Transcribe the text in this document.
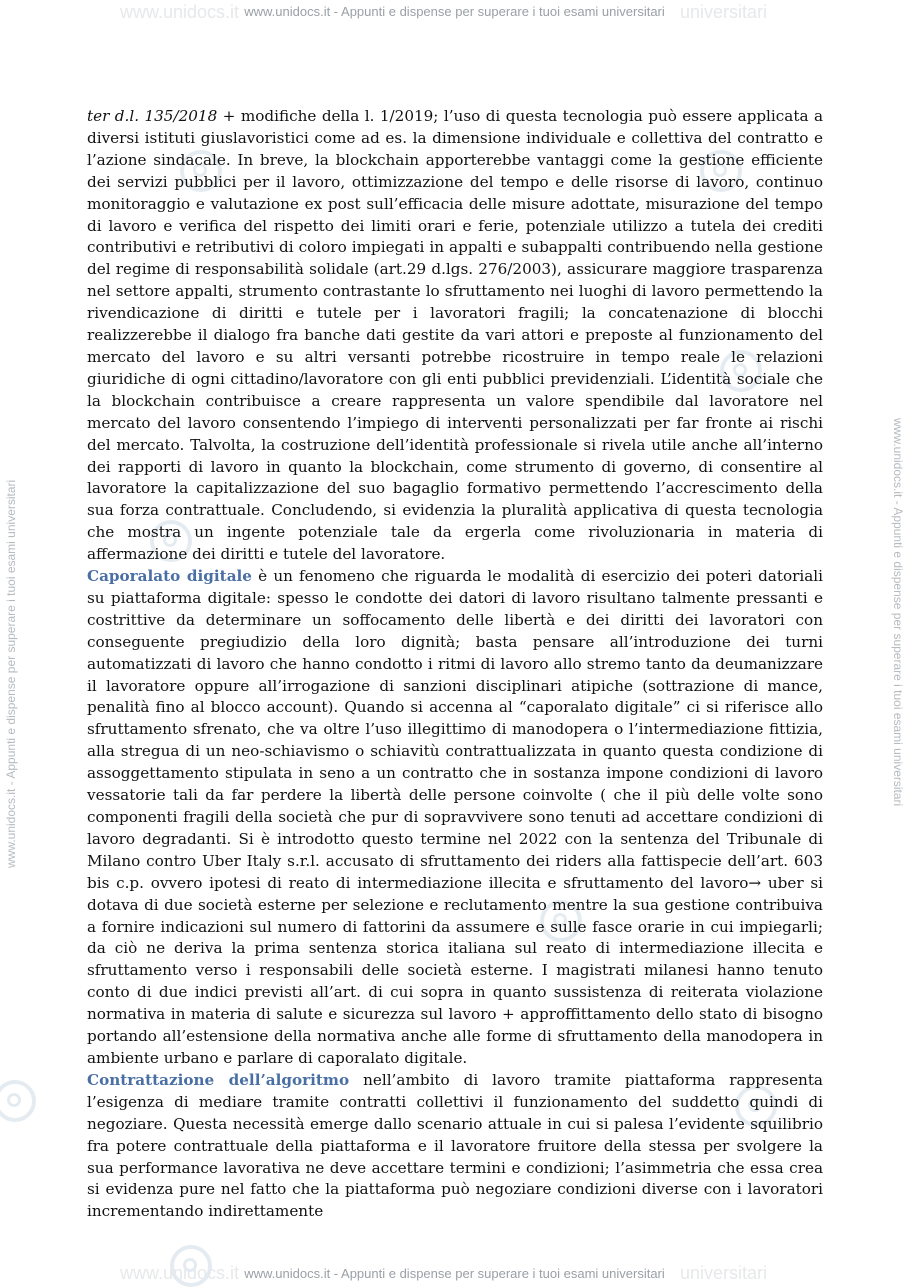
www.unidocs.it	universitari
www.unidocs.it	universitari
www.unidocs.it - Appunti e dispense per superare i tuoi esami universitari
www.unidocs.it - Appunti e dispense per superare i tuoi esami universitari
www.unidocs.it - Appunti e dispense per superare i tuoi esami universitari	www.unidocs.it - Appunti e dispense per superare i tuoi esami universitari

ter d.l. 135/2018 + modifiche della l. 1/2019; l’uso di questa tecnologia può essere applicata a diversi istituti giuslavoristici come ad es. la dimensione individuale e collettiva del contratto e l’azione sindacale. In breve, la blockchain apporterebbe vantaggi come la gestione efficiente dei servizi pubblici per il lavoro, ottimizzazione del tempo e delle risorse di lavoro, continuo monitoraggio e valutazione ex post sull’efficacia delle misure adottate, misurazione del tempo di lavoro e verifica del rispetto dei limiti orari e ferie, potenziale utilizzo a tutela dei crediti contributivi e retributivi di coloro impiegati in appalti e subappalti contribuendo nella gestione del regime di responsabilità solidale (art.29 d.lgs. 276/2003), assicurare maggiore trasparenza nel settore appalti, strumento contrastante lo sfruttamento nei luoghi di lavoro permettendo la rivendicazione di diritti e tutele per i lavoratori fragili; la concatenazione di blocchi realizzerebbe il dialogo fra banche dati gestite da vari attori e preposte al funzionamento del mercato del lavoro e su altri versanti potrebbe ricostruire in tempo reale le relazioni giuridiche di ogni cittadino/lavoratore con gli enti pubblici previdenziali. L’identità sociale che la blockchain contribuisce a creare rappresenta un valore spendibile dal lavoratore nel mercato del lavoro consentendo l’impiego di interventi personalizzati per far fronte ai rischi del mercato. Talvolta, la costruzione dell’identità professionale si rivela utile anche all’interno dei rapporti di lavoro in quanto la blockchain, come strumento di governo, di consentire al lavoratore la capitalizzazione del suo bagaglio formativo permettendo l’accrescimento della sua forza contrattuale. Concludendo, si evidenzia la pluralità applicativa di questa tecnologia che mostra un ingente potenziale tale da ergerla come rivoluzionaria in materia di affermazione dei diritti e tutele del lavoratore.

Caporalato digitale è un fenomeno che riguarda le modalità di esercizio dei poteri datoriali su piattaforma digitale: spesso le condotte dei datori di lavoro risultano talmente pressanti e costrittive da determinare un soffocamento delle libertà e dei diritti dei lavoratori con conseguente pregiudizio della loro dignità; basta pensare all’introduzione dei turni automatizzati di lavoro che hanno condotto i ritmi di lavoro allo stremo tanto da deumanizzare il lavoratore oppure all’irrogazione di sanzioni disciplinari atipiche (sottrazione di mance, penalità fino al blocco account). Quando si accenna al “caporalato digitale” ci si riferisce allo sfruttamento sfrenato, che va oltre l’uso illegittimo di manodopera o l’intermediazione fittizia, alla stregua di un neo-schiavismo o schiavitù contrattualizzata in quanto questa condizione di assoggettamento stipulata in seno a un contratto che in sostanza impone condizioni di lavoro vessatorie tali da far perdere la libertà delle persone coinvolte ( che il più delle volte sono componenti fragili della società che pur di sopravvivere sono tenuti ad accettare condizioni di lavoro degradanti. Si è introdotto questo termine nel 2022 con la sentenza del Tribunale di Milano contro Uber Italy s.r.l. accusato di sfruttamento dei riders alla fattispecie dell’art. 603 bis c.p. ovvero ipotesi di reato di intermediazione illecita e sfruttamento del lavoro→ uber si dotava di due società esterne per selezione e reclutamento mentre la sua gestione contribuiva a fornire indicazioni sul numero di fattorini da assumere e sulle fasce orarie in cui impiegarli; da ciò ne deriva la prima sentenza storica italiana sul reato di intermediazione illecita e sfruttamento verso i responsabili delle società esterne. I magistrati milanesi hanno tenuto conto di due indici previsti all’art. di cui sopra in quanto sussistenza di reiterata violazione normativa in materia di salute e sicurezza sul lavoro + approffittamento dello stato di bisogno portando all’estensione della normativa anche alle forme di sfruttamento della manodopera in ambiente urbano e parlare di caporalato digitale.

Contrattazione dell’algoritmo nell’ambito di lavoro tramite piattaforma rappresenta l’esigenza di mediare tramite contratti collettivi il funzionamento del suddetto quindi di negoziare. Questa necessità emerge dallo scenario attuale in cui si palesa l’evidente squilibrio fra potere contrattuale della piattaforma e il lavoratore fruitore della stessa per svolgere la sua performance lavorativa ne deve accettare termini e condizioni; l’asimmetria che essa crea si evidenza pure nel fatto che la piattaforma può negoziare condizioni diverse con i lavoratori incrementando indirettamente
